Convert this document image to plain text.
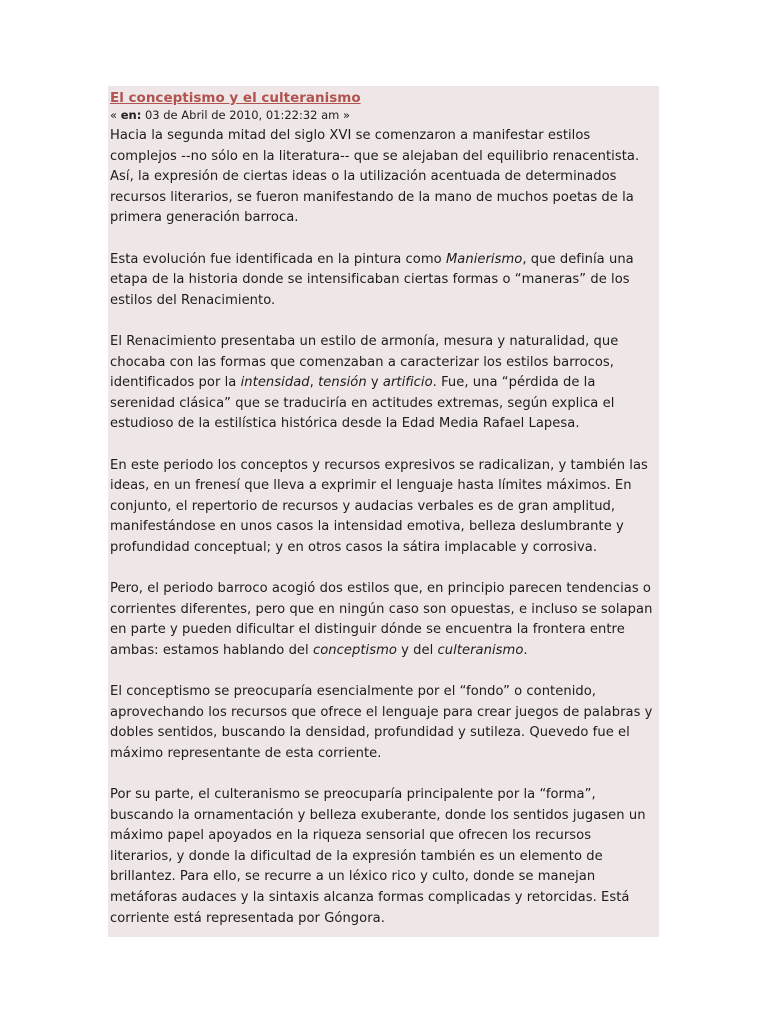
El conceptismo y el culteranismo
« en: 03 de Abril de 2010, 01:22:32 am »

Hacia la segunda mitad del siglo XVI se comenzaron a manifestar estilos complejos --no sólo en la literatura-- que se alejaban del equilibrio renacentista.

Así, la expresión de ciertas ideas o la utilización acentuada de determinados recursos literarios, se fueron manifestando de la mano de muchos poetas de la primera generación barroca.

Esta evolución fue identificada en la pintura como Manierismo, que definía una etapa de la historia donde se intensificaban ciertas formas o “maneras” de los estilos del Renacimiento.

El Renacimiento presentaba un estilo de armonía, mesura y naturalidad, que chocaba con las formas que comenzaban a caracterizar los estilos barrocos, identificados por la intensidad, tensión y artificio. Fue, una “pérdida de la serenidad clásica” que se traduciría en actitudes extremas, según explica el estudioso de la estilística histórica desde la Edad Media Rafael Lapesa.

En este periodo los conceptos y recursos expresivos se radicalizan, y también las ideas, en un frenesí que lleva a exprimir el lenguaje hasta límites máximos. En conjunto, el repertorio de recursos y audacias verbales es de gran amplitud, manifestándose en unos casos la intensidad emotiva, belleza deslumbrante y profundidad conceptual; y en otros casos la sátira implacable y corrosiva.

Pero, el periodo barroco acogió dos estilos que, en principio parecen tendencias o corrientes diferentes, pero que en ningún caso son opuestas, e incluso se solapan en parte y pueden dificultar el distinguir dónde se encuentra la frontera entre ambas: estamos hablando del conceptismo y del culteranismo.

El conceptismo se preocuparía esencialmente por el “fondo” o contenido, aprovechando los recursos que ofrece el lenguaje para crear juegos de palabras y dobles sentidos, buscando la densidad, profundidad y sutileza. Quevedo fue el máximo representante de esta corriente.

Por su parte, el culteranismo se preocuparía principalente por la “forma”, buscando la ornamentación y belleza exuberante, donde los sentidos jugasen un máximo papel apoyados en la riqueza sensorial que ofrecen los recursos literarios, y donde la dificultad de la expresión también es un elemento de brillantez. Para ello, se recurre a un léxico rico y culto, donde se manejan metáforas audaces y la sintaxis alcanza formas complicadas y retorcidas. Está corriente está representada por Góngora.
